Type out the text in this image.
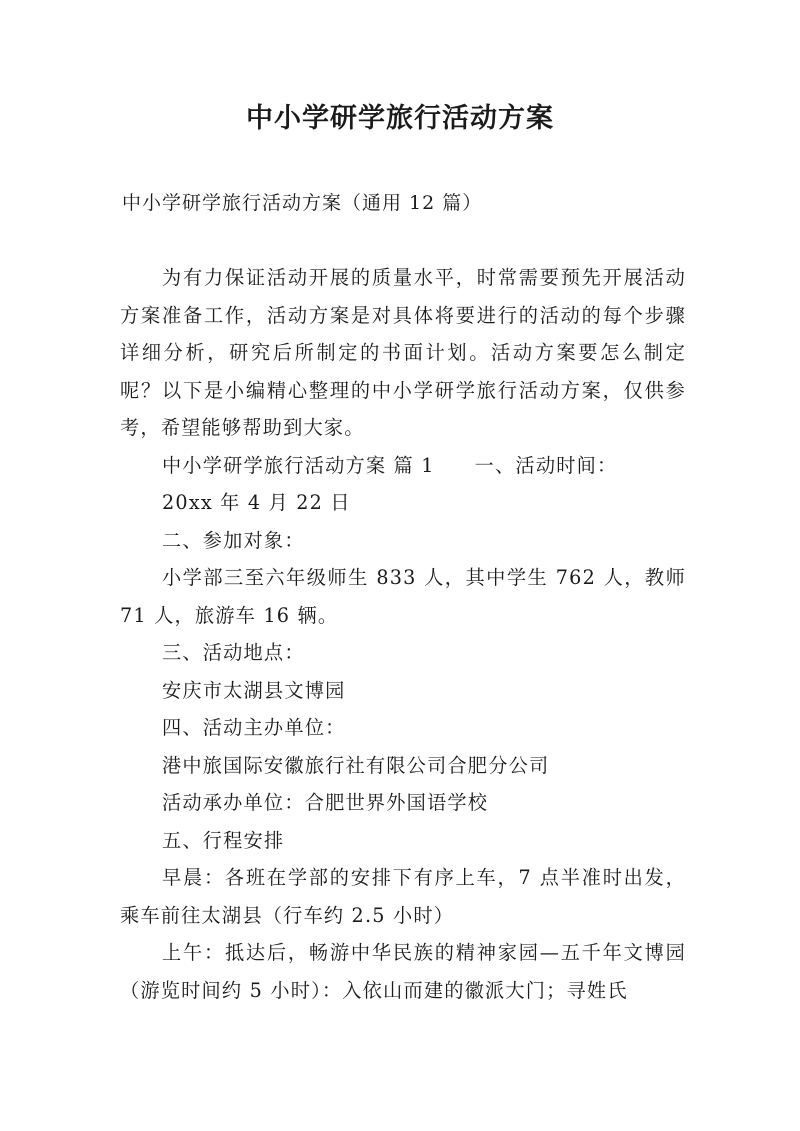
中小学研学旅行活动方案
中小学研学旅行活动方案（通用 12 篇）

为有力保证活动开展的质量水平，时常需要预先开展活动方案准备工作，活动方案是对具体将要进行的活动的每个步骤详细分析，研究后所制定的书面计划。活动方案要怎么制定呢？以下是小编精心整理的中小学研学旅行活动方案，仅供参考，希望能够帮助到大家。

中小学研学旅行活动方案 篇 1 一、活动时间：

20xx 年 4 月 22 日

二、参加对象：

小学部三至六年级师生 833 人，其中学生 762 人，教师 71 人，旅游车 16 辆。

三、活动地点：

安庆市太湖县文博园

四、活动主办单位：

港中旅国际安徽旅行社有限公司合肥分公司

活动承办单位：合肥世界外国语学校

五、行程安排

早晨：各班在学部的安排下有序上车，7 点半准时出发，乘车前往太湖县（行车约 2.5 小时）

上午：抵达后，畅游中华民族的精神家园—五千年文博园（游览时间约 5 小时）：入依山而建的徽派大门；寻姓氏
